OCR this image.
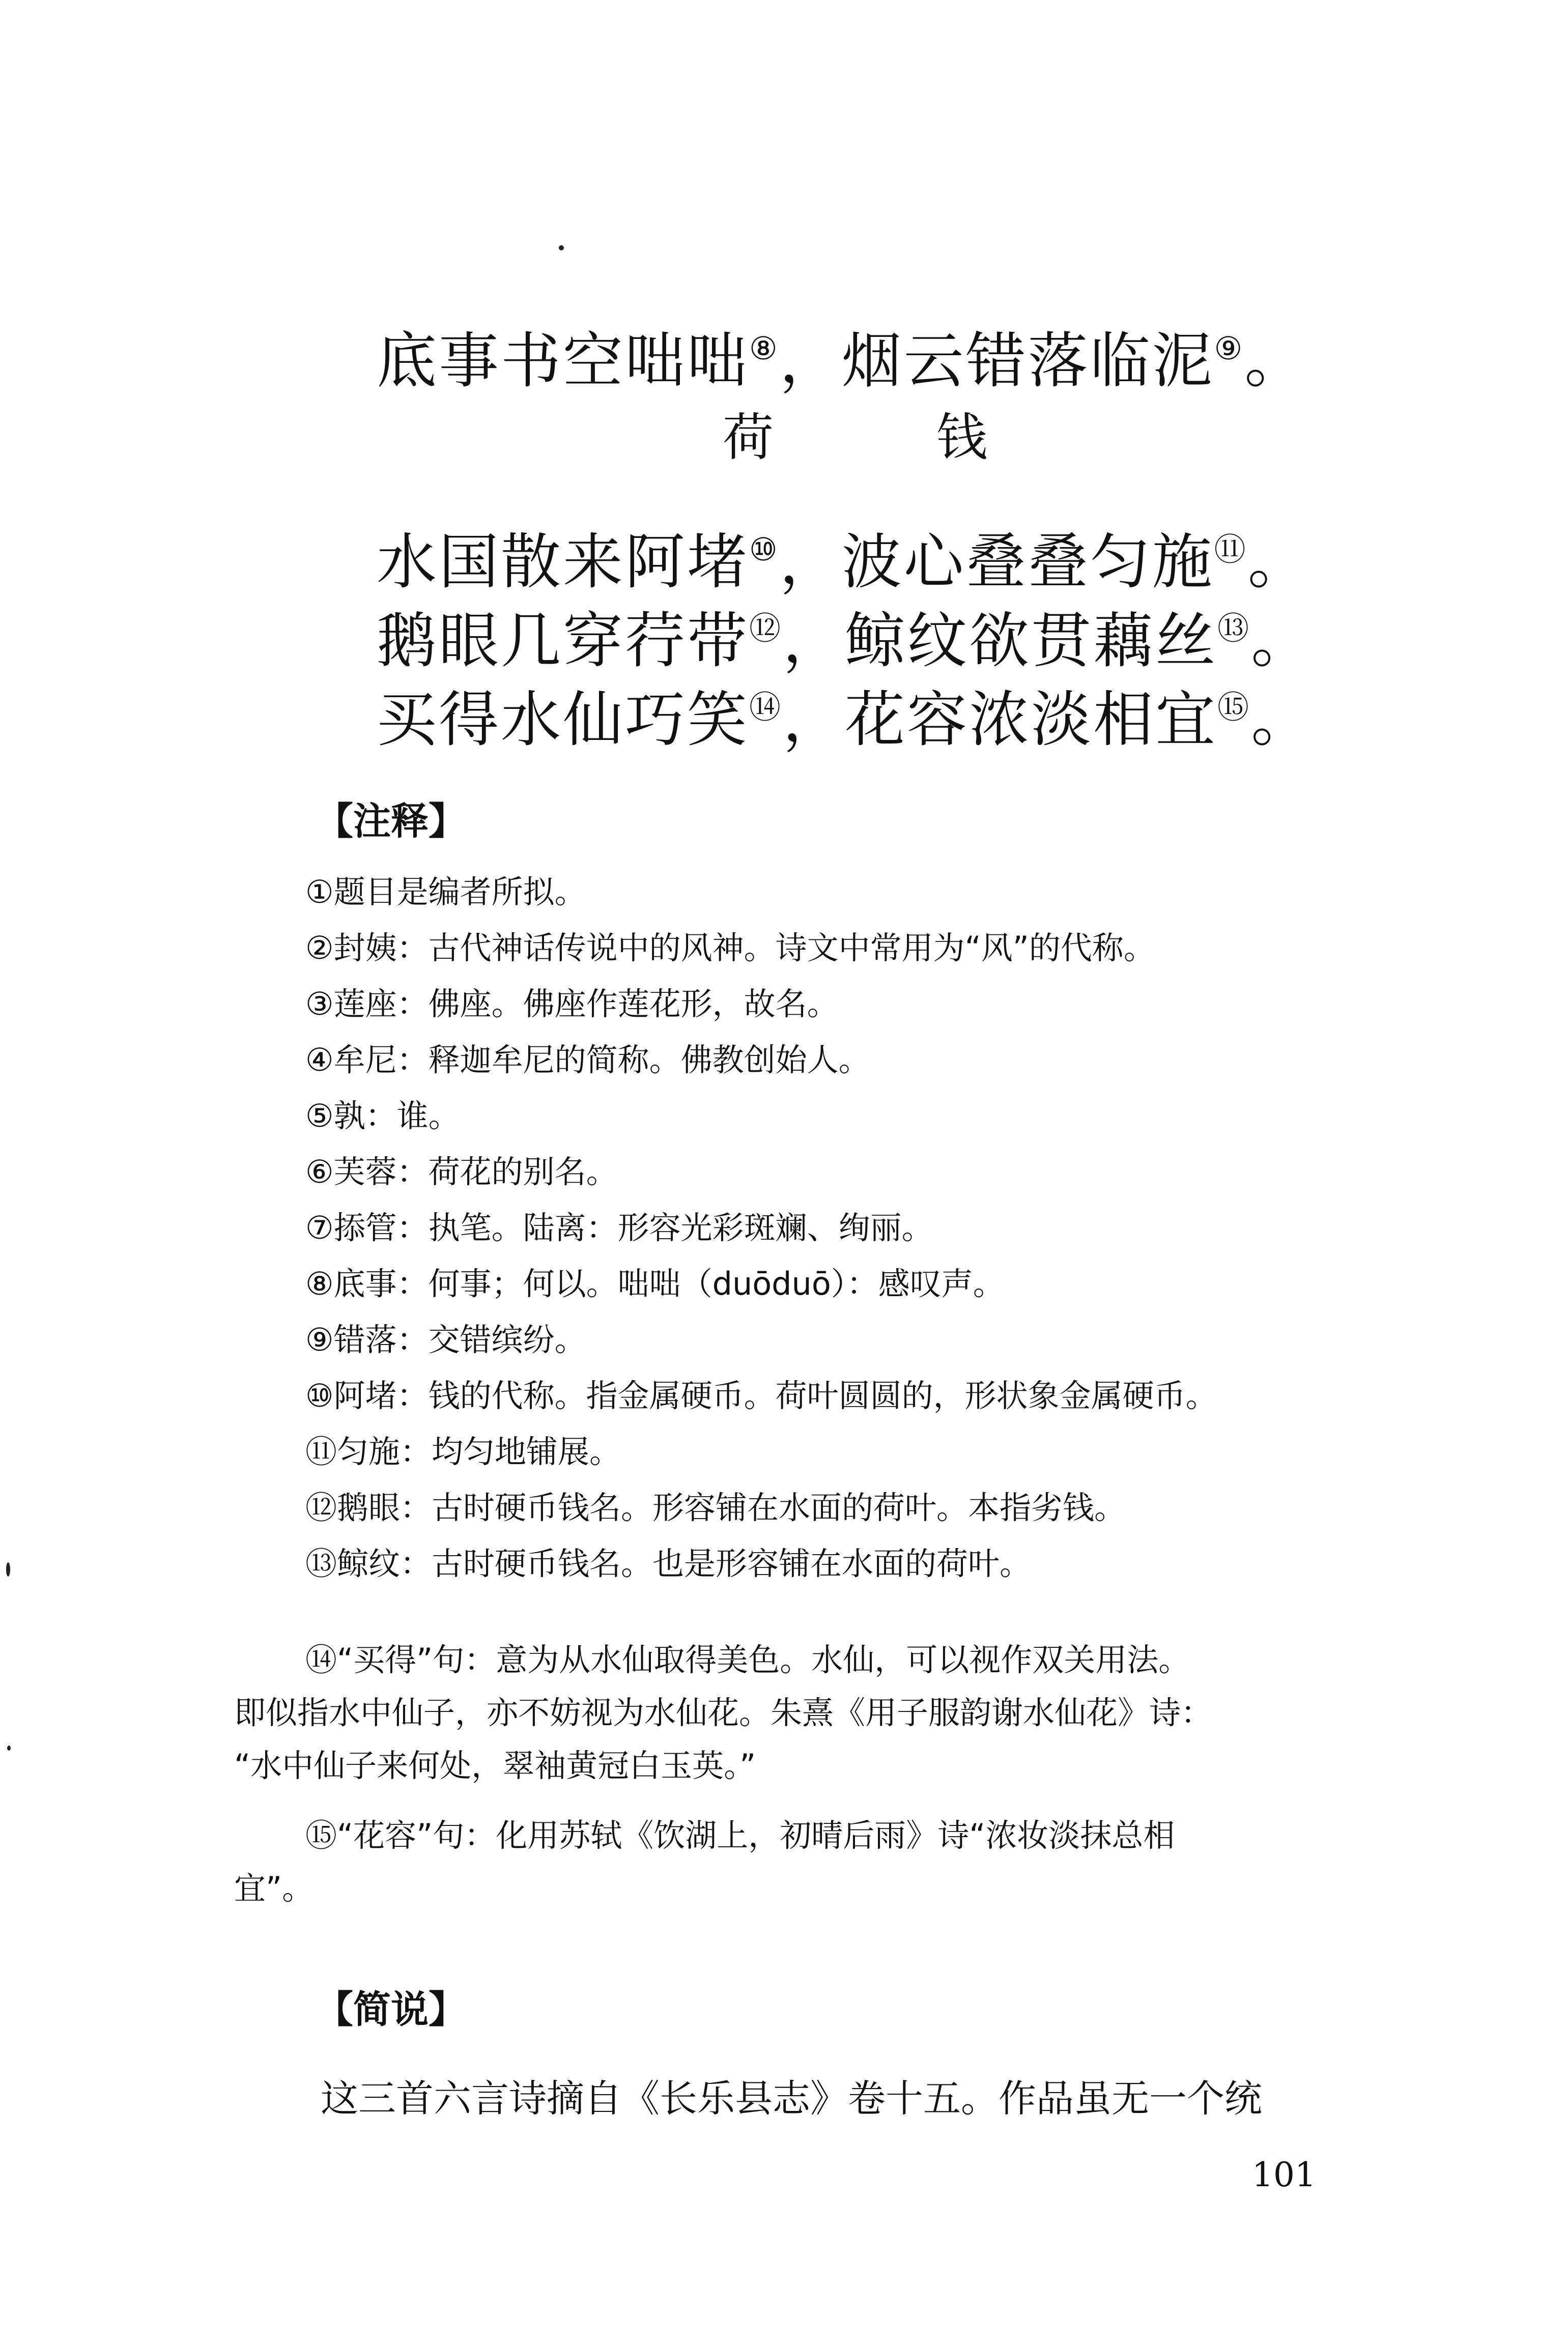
底事书空咄咄⑧，烟云错落临泥⑨。
荷	钱
水国散来阿堵⑩，波心叠叠匀施⑪。
鹅眼几穿荇带⑫，鲸纹欲贯藕丝⑬。
买得水仙巧笑⑭，花容浓淡相宜⑮。
【注释】
①题目是编者所拟。
②封姨：古代神话传说中的风神。诗文中常用为“风”的代称。
③莲座：佛座。佛座作莲花形，故名。
④牟尼：释迦牟尼的简称。佛教创始人。
⑤孰：谁。
⑥芙蓉：荷花的别名。
⑦掭管：执笔。陆离：形容光彩斑斓、绚丽。
⑧底事：何事；何以。咄咄（duōduō）：感叹声。
⑨错落：交错缤纷。
⑩阿堵：钱的代称。指金属硬币。荷叶圆圆的，形状象金属硬币。
⑪匀施：均匀地铺展。
⑫鹅眼：古时硬币钱名。形容铺在水面的荷叶。本指劣钱。
⑬鲸纹：古时硬币钱名。也是形容铺在水面的荷叶。
⑭“买得”句：意为从水仙取得美色。水仙，可以视作双关用法。
即似指水中仙子，亦不妨视为水仙花。朱熹《用子服韵谢水仙花》诗：
“水中仙子来何处，翠袖黄冠白玉英。”
⑮“花容”句：化用苏轼《饮湖上，初晴后雨》诗“浓妆淡抹总相
宜”。
【简说】
这三首六言诗摘自《长乐县志》卷十五。作品虽无一个统
101
